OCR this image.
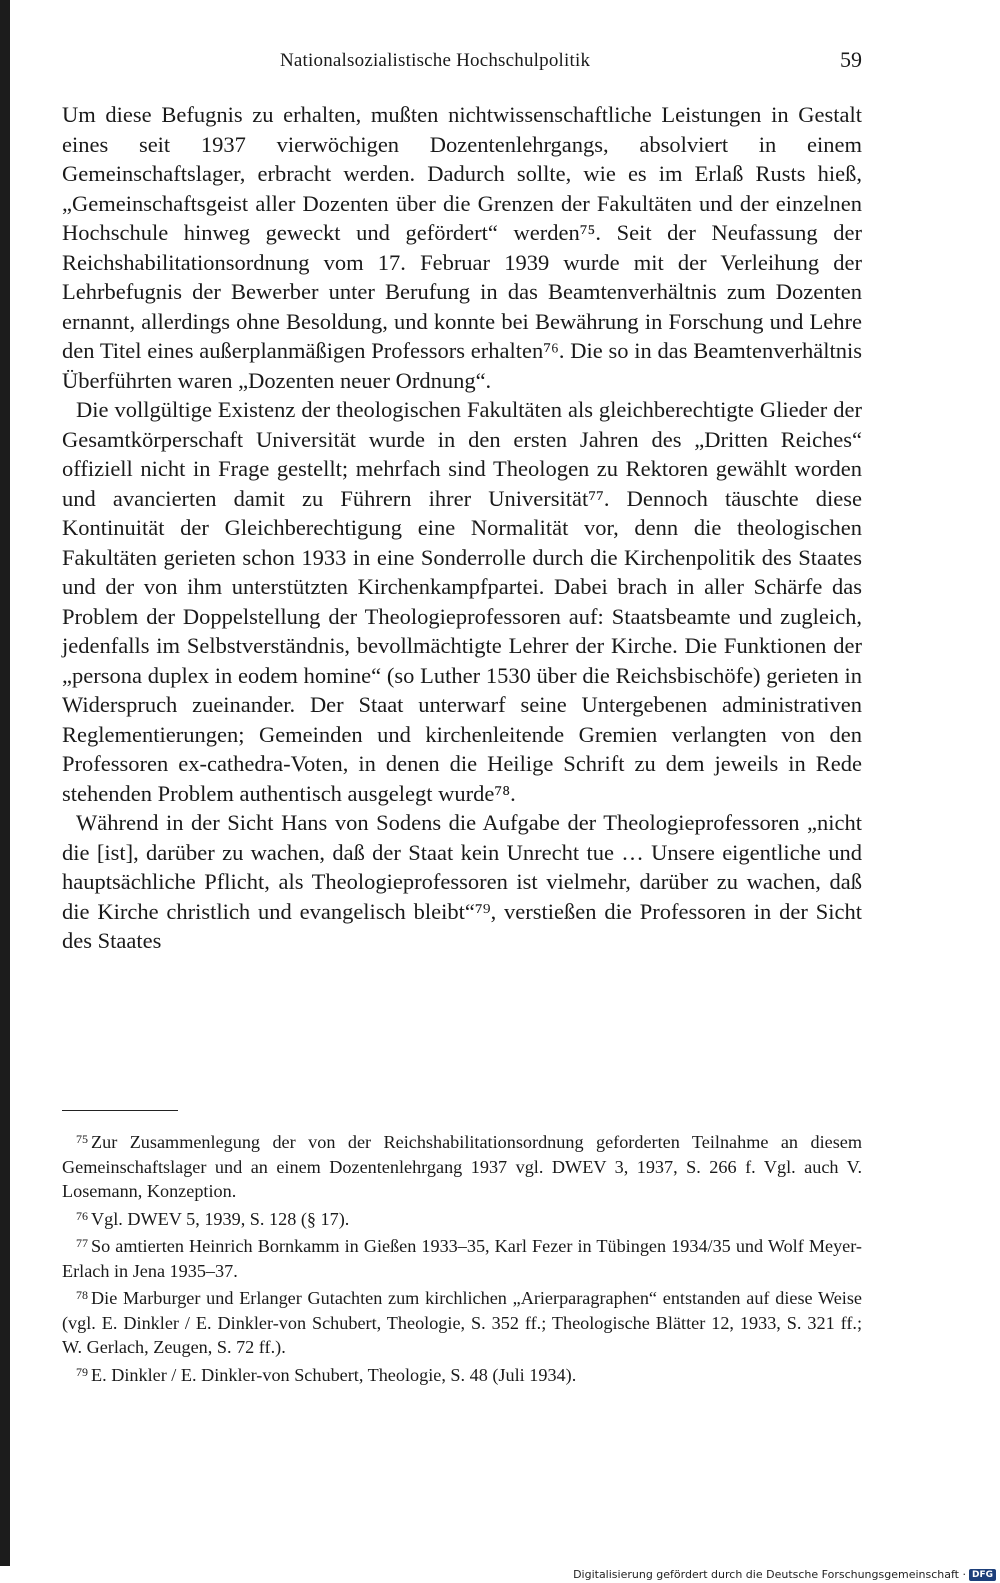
Nationalsozialistische Hochschulpolitik	59

Um diese Befugnis zu erhalten, mußten nichtwissenschaftliche Leistungen in Gestalt eines seit 1937 vierwöchigen Dozentenlehrgangs, absolviert in einem Gemeinschaftslager, erbracht werden. Dadurch sollte, wie es im Erlaß Rusts hieß, „Gemeinschaftsgeist aller Dozenten über die Grenzen der Fakultäten und der einzelnen Hochschule hinweg geweckt und gefördert“ werden⁷⁵. Seit der Neufassung der Reichshabilitationsordnung vom 17. Februar 1939 wurde mit der Verleihung der Lehrbefugnis der Bewerber unter Berufung in das Beamtenverhältnis zum Dozenten ernannt, allerdings ohne Besoldung, und konnte bei Bewährung in Forschung und Lehre den Titel eines außerplanmäßigen Professors erhalten⁷⁶. Die so in das Beamtenverhältnis Überführten waren „Dozenten neuer Ordnung“.

Die vollgültige Existenz der theologischen Fakultäten als gleichberechtigte Glieder der Gesamtkörperschaft Universität wurde in den ersten Jahren des „Dritten Reiches“ offiziell nicht in Frage gestellt; mehrfach sind Theologen zu Rektoren gewählt worden und avancierten damit zu Führern ihrer Universität⁷⁷. Dennoch täuschte diese Kontinuität der Gleichberechtigung eine Normalität vor, denn die theologischen Fakultäten gerieten schon 1933 in eine Sonderrolle durch die Kirchenpolitik des Staates und der von ihm unterstützten Kirchenkampfpartei. Dabei brach in aller Schärfe das Problem der Doppelstellung der Theologieprofessoren auf: Staatsbeamte und zugleich, jedenfalls im Selbstverständnis, bevollmächtigte Lehrer der Kirche. Die Funktionen der „persona duplex in eodem homine“ (so Luther 1530 über die Reichsbischöfe) gerieten in Widerspruch zueinander. Der Staat unterwarf seine Untergebenen administrativen Reglementierungen; Gemeinden und kirchenleitende Gremien verlangten von den Professoren ex-cathedra-Voten, in denen die Heilige Schrift zu dem jeweils in Rede stehenden Problem authentisch ausgelegt wurde⁷⁸.

Während in der Sicht Hans von Sodens die Aufgabe der Theologieprofessoren „nicht die [ist], darüber zu wachen, daß der Staat kein Unrecht tue … Unsere eigentliche und hauptsächliche Pflicht, als Theologieprofessoren ist vielmehr, darüber zu wachen, daß die Kirche christlich und evangelisch bleibt“⁷⁹, verstießen die Professoren in der Sicht des Staates

$^{75}$ Zur Zusammenlegung der von der Reichshabilitationsordnung geforderten Teilnahme an diesem Gemeinschaftslager und an einem Dozentenlehrgang 1937 vgl. DWEV 3, 1937, S. 266 f. Vgl. auch V. Losemann, Konzeption.

$^{76}$ Vgl. DWEV 5, 1939, S. 128 (§ 17).

$^{77}$ So amtierten Heinrich Bornkamm in Gießen 1933–35, Karl Fezer in Tübingen 1934/35 und Wolf Meyer-Erlach in Jena 1935–37.

$^{78}$ Die Marburger und Erlanger Gutachten zum kirchlichen „Arierparagraphen“ entstanden auf diese Weise (vgl. E. Dinkler / E. Dinkler-von Schubert, Theologie, S. 352 ff.; Theologische Blätter 12, 1933, S. 321 ff.; W. Gerlach, Zeugen, S. 72 ff.).

$^{79}$ E. Dinkler / E. Dinkler-von Schubert, Theologie, S. 48 (Juli 1934).

Digitalisierung gefördert durch die Deutsche Forschungsgemeinschaft · DFG
